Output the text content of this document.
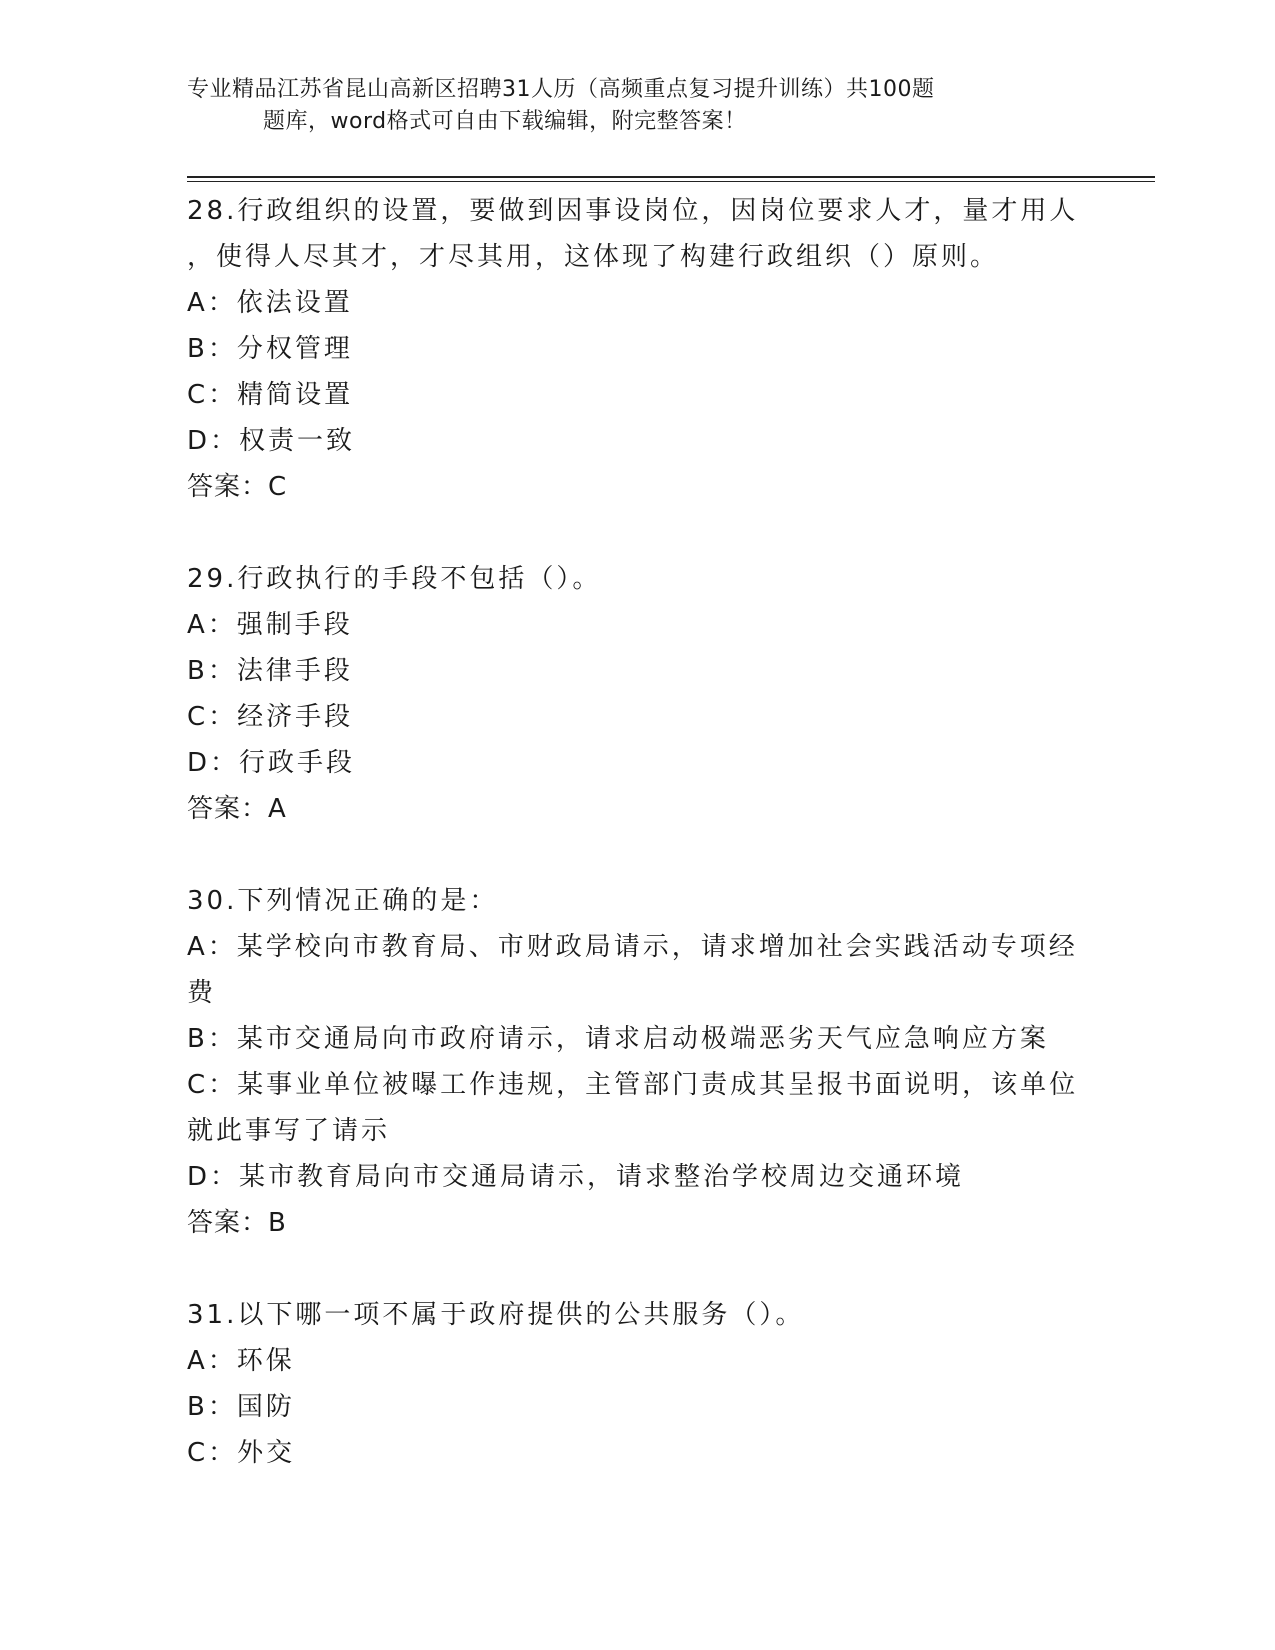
专业精品江苏省昆山高新区招聘31人历（高频重点复习提升训练）共100题
题库，word格式可自由下载编辑，附完整答案！
28.行政组织的设置，要做到因事设岗位，因岗位要求人才，量才用人
，使得人尽其才，才尽其用，这体现了构建行政组织（）原则。
A：依法设置
B：分权管理
C：精简设置
D：权责一致
答案：C
29.行政执行的手段不包括（）。
A：强制手段
B：法律手段
C：经济手段
D：行政手段
答案：A
30.下列情况正确的是：
A：某学校向市教育局、市财政局请示，请求增加社会实践活动专项经
费
B：某市交通局向市政府请示，请求启动极端恶劣天气应急响应方案
C：某事业单位被曝工作违规，主管部门责成其呈报书面说明，该单位
就此事写了请示
D：某市教育局向市交通局请示，请求整治学校周边交通环境
答案：B
31.以下哪一项不属于政府提供的公共服务（）。
A：环保
B：国防
C：外交
